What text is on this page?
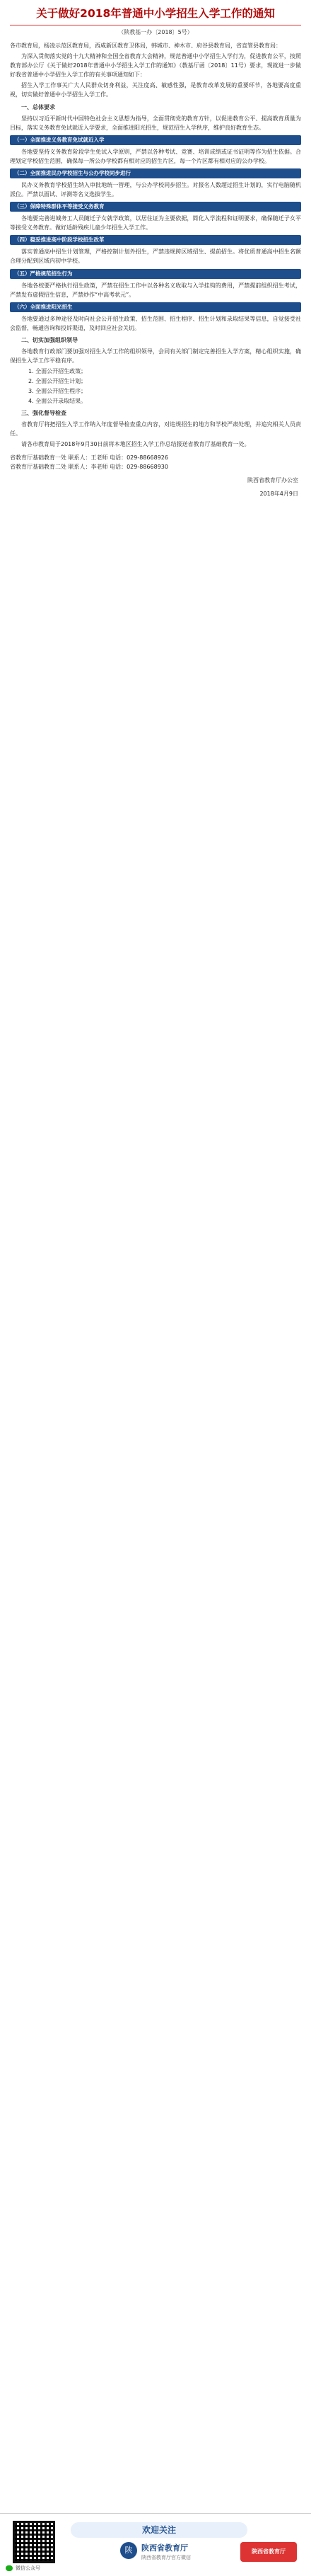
关于做好2018年普通中小学招生入学工作的通知
（陕教基一办〔2018〕5号）

各市教育局，杨凌示范区教育局，西咸新区教育卫体局，韩城市、神木市、府谷县教育局，省直管县教育局：

为深入贯彻落实党的十九大精神和全国全省教育大会精神，规范普通中小学招生入学行为，促进教育公平，按照教育部办公厅《关于做好2018年普通中小学招生入学工作的通知》（教基厅函〔2018〕11号）要求，现就进一步做好我省普通中小学招生入学工作的有关事项通知如下：

招生入学工作事关广大人民群众切身利益，关注度高、敏感性强，是教育改革发展的重要环节，各地要高度重视，切实做好普通中小学招生入学工作。

一、总体要求

坚持以习近平新时代中国特色社会主义思想为指导，全面贯彻党的教育方针，以促进教育公平、提高教育质量为目标，落实义务教育免试就近入学要求，全面推进阳光招生，规范招生入学秩序，维护良好教育生态。

（一）全面推进义务教育免试就近入学

各地要坚持义务教育阶段学生免试入学原则，严禁以各种考试、竞赛、培训成绩或证书证明等作为招生依据。合理划定学校招生范围，确保每一所公办学校都有相对应的招生片区，每一个片区都有相对应的公办学校。

（二）全面推进民办学校招生与公办学校同步进行

民办义务教育学校招生纳入审批地统一管理，与公办学校同步招生。对报名人数超过招生计划的，实行电脑随机派位。严禁以面试、评测等名义选拔学生。

（三）保障特殊群体平等接受义务教育

各地要完善进城务工人员随迁子女就学政策，以居住证为主要依据，简化入学流程和证明要求，确保随迁子女平等接受义务教育。做好适龄残疾儿童少年招生入学工作。

（四）稳妥推进高中阶段学校招生改革

落实普通高中招生计划管理，严格控制计划外招生，严禁违规跨区域招生、提前招生。将优质普通高中招生名额合理分配到区域内初中学校。

（五）严格规范招生行为

各地各校要严格执行招生政策，严禁在招生工作中以各种名义收取与入学挂钩的费用，严禁提前组织招生考试，严禁发布虚假招生信息，严禁炒作“中高考状元”。

（六）全面推进阳光招生

各地要通过多种途径及时向社会公开招生政策、招生范围、招生程序、招生计划和录取结果等信息，自觉接受社会监督，畅通咨询和投诉渠道，及时回应社会关切。

二、切实加强组织领导

各地教育行政部门要加强对招生入学工作的组织领导，会同有关部门制定完善招生入学方案，精心组织实施，确保招生入学工作平稳有序。

1. 全面公开招生政策；
2. 全面公开招生计划；
3. 全面公开招生程序；
4. 全面公开录取结果。
三、强化督导检查

省教育厅将把招生入学工作纳入年度督导检查重点内容，对违规招生的地方和学校严肃处理，并追究相关人员责任。

请各市教育局于2018年9月30日前将本地区招生入学工作总结报送省教育厅基础教育一处。

省教育厅基础教育一处 联系人：王老师 电话：029-88668926
省教育厅基础教育二处 联系人：李老师 电话：029-88668930
陕西省教育厅办公室
2018年4月9日
欢迎关注
陕	陕西省教育厅
陕西省教育厅官方微信
陕西省教育厅
微信公众号
